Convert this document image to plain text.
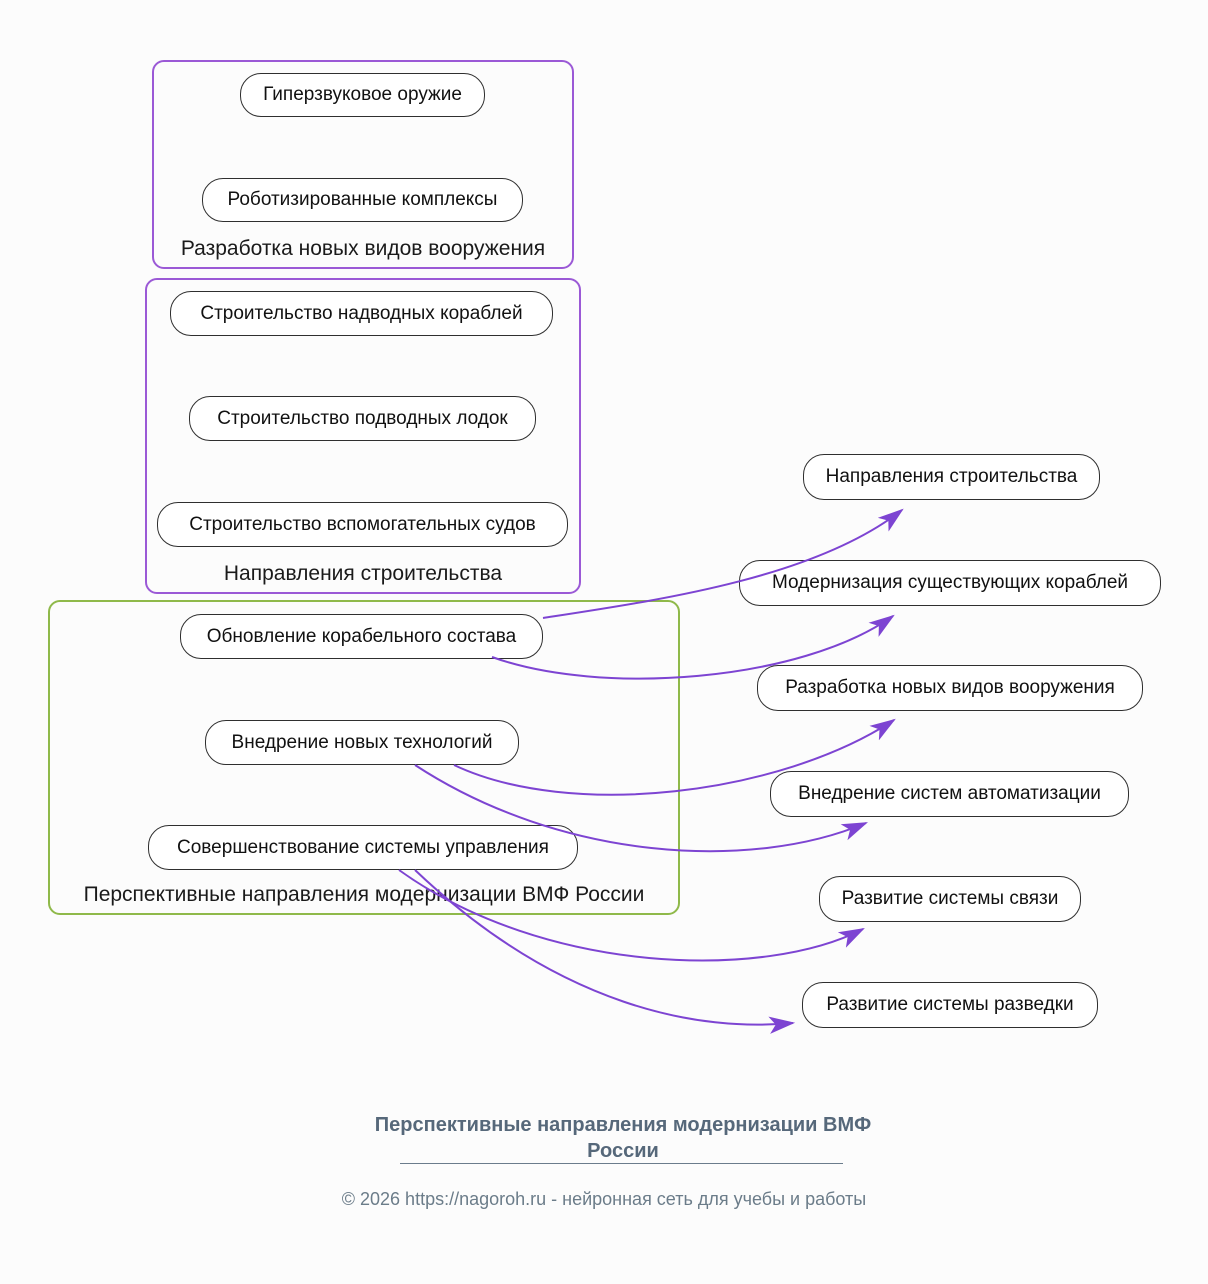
Гиперзвуковое оружие
Роботизированные комплексы
Разработка новых видов вооружения
Строительство надводных кораблей
Строительство подводных лодок
Строительство вспомогательных судов
Направления строительства
Обновление корабельного состава
Внедрение новых технологий
Совершенствование системы управления
Перспективные направления модернизации ВМФ России
Направления строительства
Модернизация существующих кораблей
Разработка новых видов вооружения
Внедрение систем автоматизации
Развитие системы связи
Развитие системы разведки
Перспективные направления модернизации ВМФ России
© 2026 https://nagoroh.ru - нейронная сеть для учебы и работы
